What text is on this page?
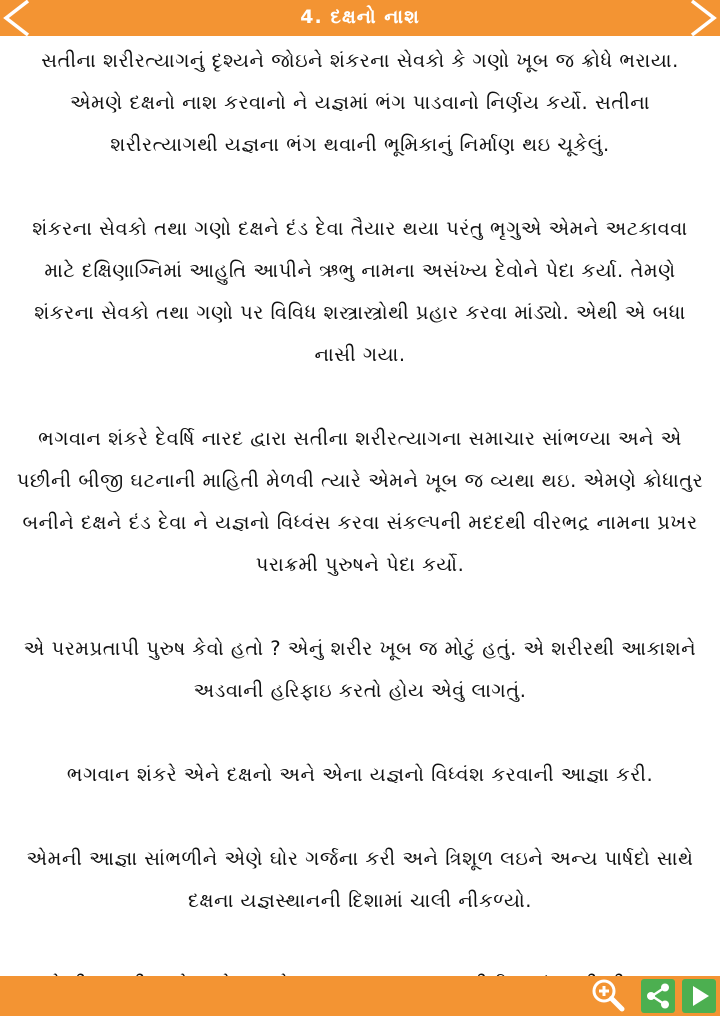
4. દક્ષનો નાશ

સતીના શરીરત્યાગનું દૃશ્યને જોઇને શંકરના સેવકો કે ગણો ખૂબ જ ક્રોધે ભરાયા. એમણે દક્ષનો નાશ કરવાનો ને યજ્ઞમાં ભંગ પાડવાનો નિર્ણય કર્યો. સતીના શરીરત્યાગથી યજ્ઞના ભંગ થવાની ભૂમિકાનું નિર્માણ થઇ ચૂકેલું.

શંકરના સેવકો તથા ગણો દક્ષને દંડ દેવા તૈયાર થયા પરંતુ ભૃગુએ એમને અટકાવવા માટે દક્ષિણાગ્નિમાં આહુતિ આપીને ઋભુ નામના અસંખ્ય દેવોને પેદા કર્યા. તેમણે શંકરના સેવકો તથા ગણો પર વિવિધ શસ્ત્રાસ્ત્રોથી પ્રહાર કરવા માંડ્યો. એથી એ બધા નાસી ગયા.

ભગવાન શંકરે દેવર્ષિ નારદ દ્વારા સતીના શરીરત્યાગના સમાચાર સાંભળ્યા અને એ પછીની બીજી ઘટનાની માહિતી મેળવી ત્યારે એમને ખૂબ જ વ્યથા થઇ. એમણે ક્રોધાતુર બનીને દક્ષને દંડ દેવા ને યજ્ઞનો વિધ્વંસ કરવા સંકલ્પની મદદથી વીરભદ્ર નામના પ્રખર પરાક્રમી પુરુષને પેદા કર્યો.

એ પરમપ્રતાપી પુરુષ કેવો હતો ? એનું શરીર ખૂબ જ મોટું હતું. એ શરીરથી આકાશને અડવાની હરિફાઇ કરતો હોય એવું લાગતું.

ભગવાન શંકરે એને દક્ષનો અને એના યજ્ઞનો વિધ્વંશ કરવાની આજ્ઞા કરી.

એમની આજ્ઞા સાંભળીને એણે ઘોર ગર્જના કરી અને ત્રિશૂળ લઇને અન્ય પાર્ષદો સાથે દક્ષના યજ્ઞસ્થાનની દિશામાં ચાલી નીકળ્યો.
